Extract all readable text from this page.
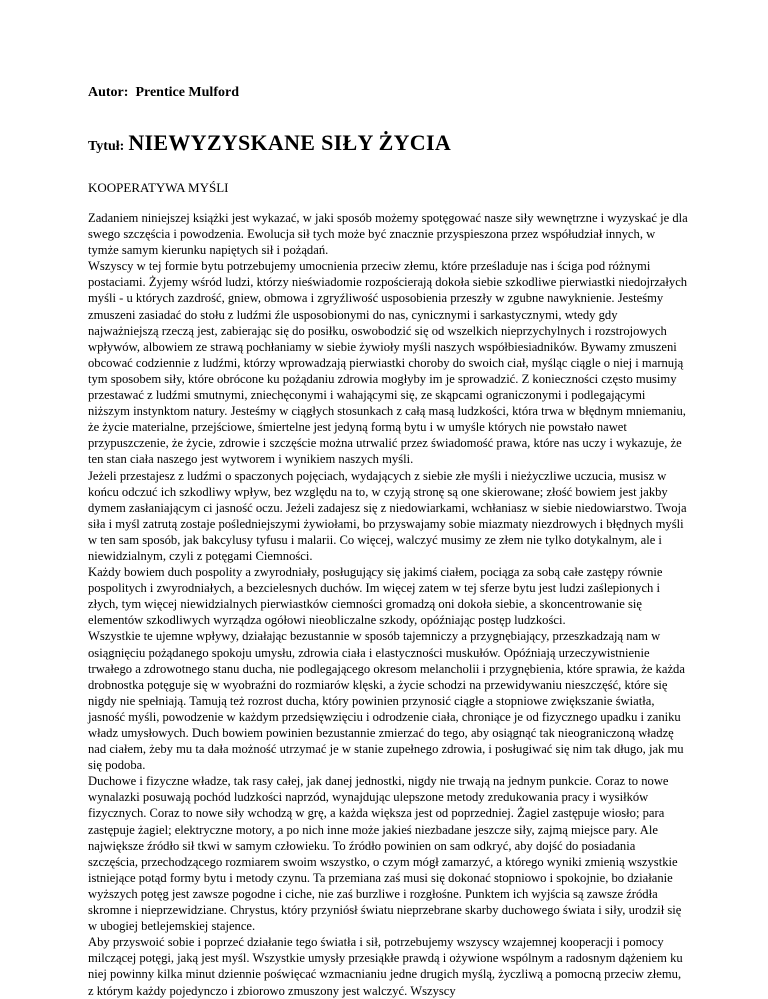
Autor: Prentice Mulford

Tytuł: NIEWYZYSKANE SIŁY ŻYCIA

KOOPERATYWA MYŚLI

Zadaniem niniejszej książki jest wykazać, w jaki sposób możemy spotęgować nasze siły wewnętrzne i wyzyskać je dla swego szczęścia i powodzenia. Ewolucja sił tych może być znacznie przyspieszona przez współudział innych, w tymże samym kierunku napiętych sił i pożądań.

Wszyscy w tej formie bytu potrzebujemy umocnienia przeciw złemu, które prześladuje nas i ściga pod różnymi postaciami. Żyjemy wśród ludzi, którzy nieświadomie rozpościerają dokoła siebie szkodliwe pierwiastki niedojrzałych myśli - u których zazdrość, gniew, obmowa i zgryźliwość usposobienia przeszły w zgubne nawyknienie. Jesteśmy zmuszeni zasiadać do stołu z ludźmi źle usposobionymi do nas, cynicznymi i sarkastycznymi, wtedy gdy najważniejszą rzeczą jest, zabierając się do posiłku, oswobodzić się od wszelkich nieprzychylnych i rozstrojowych wpływów, albowiem ze strawą pochłaniamy w siebie żywioły myśli naszych współbiesiadników. Bywamy zmuszeni obcować codziennie z ludźmi, którzy wprowadzają pierwiastki choroby do swoich ciał, myśląc ciągle o niej i marnują tym sposobem siły, które obrócone ku pożądaniu zdrowia mogłyby im je sprowadzić. Z konieczności często musimy przestawać z ludźmi smutnymi, zniechęconymi i wahającymi się, ze skąpcami ograniczonymi i podlegającymi niższym instynktom natury. Jesteśmy w ciągłych stosunkach z całą masą ludzkości, która trwa w błędnym mniemaniu, że życie materialne, przejściowe, śmiertelne jest jedyną formą bytu i w umyśle których nie powstało nawet przypuszczenie, że życie, zdrowie i szczęście można utrwalić przez świadomość prawa, które nas uczy i wykazuje, że ten stan ciała naszego jest wytworem i wynikiem naszych myśli.

Jeżeli przestajesz z ludźmi o spaczonych pojęciach, wydających z siebie złe myśli i nieżyczliwe uczucia, musisz w końcu odczuć ich szkodliwy wpływ, bez względu na to, w czyją stronę są one skierowane; złość bowiem jest jakby dymem zasłaniającym ci jasność oczu. Jeżeli zadajesz się z niedowiarkami, wchłaniasz w siebie niedowiarstwo. Twoja siła i myśl zatrutą zostaje pośledniejszymi żywiołami, bo przyswajamy sobie miazmaty niezdrowych i błędnych myśli w ten sam sposób, jak bakcylusy tyfusu i malarii. Co więcej, walczyć musimy ze złem nie tylko dotykalnym, ale i niewidzialnym, czyli z potęgami Ciemności.

Każdy bowiem duch pospolity a zwyrodniały, posługujący się jakimś ciałem, pociąga za sobą całe zastępy równie pospolitych i zwyrodniałych, a bezcielesnych duchów. Im więcej zatem w tej sferze bytu jest ludzi zaślepionych i złych, tym więcej niewidzialnych pierwiastków ciemności gromadzą oni dokoła siebie, a skoncentrowanie się elementów szkodliwych wyrządza ogółowi nieobliczalne szkody, opóźniając postęp ludzkości.

Wszystkie te ujemne wpływy, działając bezustannie w sposób tajemniczy a przygnębiający, przeszkadzają nam w osiągnięciu pożądanego spokoju umysłu, zdrowia ciała i elastyczności muskułów. Opóźniają urzeczywistnienie trwałego a zdrowotnego stanu ducha, nie podlegającego okresom melancholii i przygnębienia, które sprawia, że każda drobnostka potęguje się w wyobraźni do rozmiarów klęski, a życie schodzi na przewidywaniu nieszczęść, które się nigdy nie spełniają. Tamują też rozrost ducha, który powinien przynosić ciągłe a stopniowe zwiększanie światła, jasność myśli, powodzenie w każdym przedsięwzięciu i odrodzenie ciała, chroniące je od fizycznego upadku i zaniku władz umysłowych. Duch bowiem powinien bezustannie zmierzać do tego, aby osiągnąć tak nieograniczoną władzę nad ciałem, żeby mu ta dała możność utrzymać je w stanie zupełnego zdrowia, i posługiwać się nim tak długo, jak mu się podoba.

Duchowe i fizyczne władze, tak rasy całej, jak danej jednostki, nigdy nie trwają na jednym punkcie. Coraz to nowe wynalazki posuwają pochód ludzkości naprzód, wynajdując ulepszone metody zredukowania pracy i wysiłków fizycznych. Coraz to nowe siły wchodzą w grę, a każda większa jest od poprzedniej. Żagiel zastępuje wiosło; para zastępuje żagiel; elektryczne motory, a po nich inne może jakieś niezbadane jeszcze siły, zajmą miejsce pary. Ale największe źródło sił tkwi w samym człowieku. To źródło powinien on sam odkryć, aby dojść do posiadania szczęścia, przechodzącego rozmiarem swoim wszystko, o czym mógł zamarzyć, a którego wyniki zmienią wszystkie istniejące potąd formy bytu i metody czynu. Ta przemiana zaś musi się dokonać stopniowo i spokojnie, bo działanie wyższych potęg jest zawsze pogodne i ciche, nie zaś burzliwe i rozgłośne. Punktem ich wyjścia są zawsze źródła skromne i nieprzewidziane. Chrystus, który przyniósł światu nieprzebrane skarby duchowego świata i siły, urodził się w ubogiej betlejemskiej stajence.

Aby przyswoić sobie i poprzeć działanie tego światła i sił, potrzebujemy wszyscy wzajemnej kooperacji i pomocy milczącej potęgi, jaką jest myśl. Wszystkie umysły przesiąkłe prawdą i ożywione wspólnym a radosnym dążeniem ku niej powinny kilka minut dziennie poświęcać wzmacnianiu jedne drugich myślą, życzliwą a pomocną przeciw złemu, z którym każdy pojedynczo i zbiorowo zmuszony jest walczyć. Wszyscy
